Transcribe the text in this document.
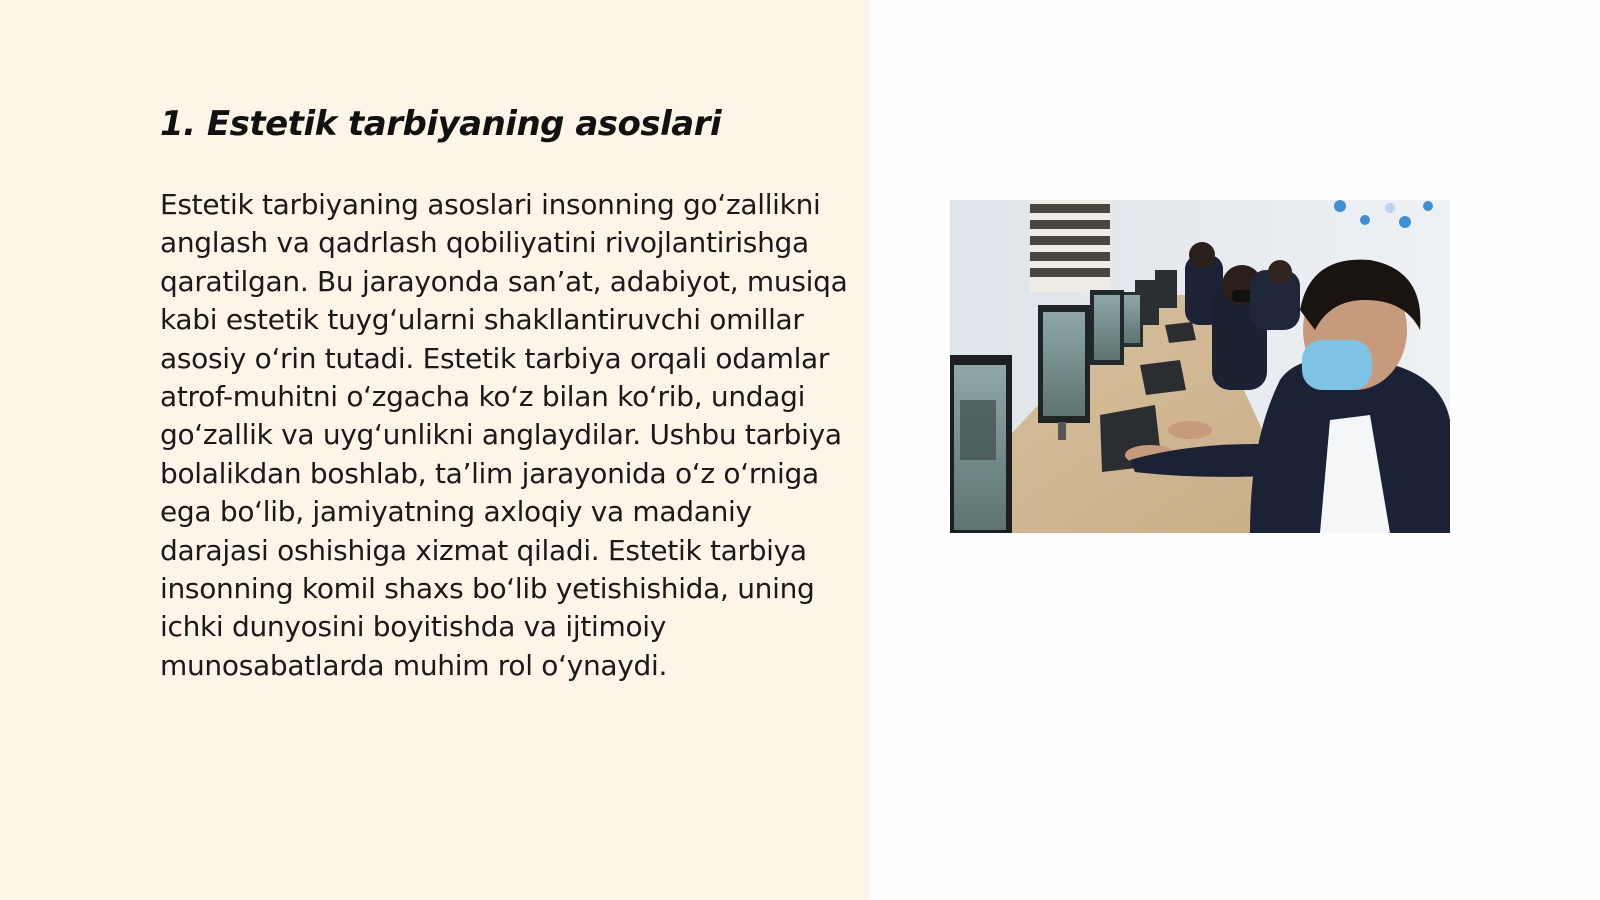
1. Estetik tarbiyaning asoslari

Estetik tarbiyaning asoslari insonning go‘zallikni anglash va qadrlash qobiliyatini rivojlantirishga qaratilgan. Bu jarayonda san’at, adabiyot, musiqa kabi estetik tuyg‘ularni shakllantiruvchi omillar asosiy o‘rin tutadi. Estetik tarbiya orqali odamlar atrof-muhitni o‘zgacha ko‘z bilan ko‘rib, undagi go‘zallik va uyg‘unlikni anglaydilar. Ushbu tarbiya bolalikdan boshlab, ta’lim jarayonida o‘z o‘rniga ega bo‘lib, jamiyatning axloqiy va madaniy darajasi oshishiga xizmat qiladi. Estetik tarbiya insonning komil shaxs bo‘lib yetishishida, uning ichki dunyosini boyitishda va ijtimoiy munosabatlarda muhim rol o‘ynaydi.
